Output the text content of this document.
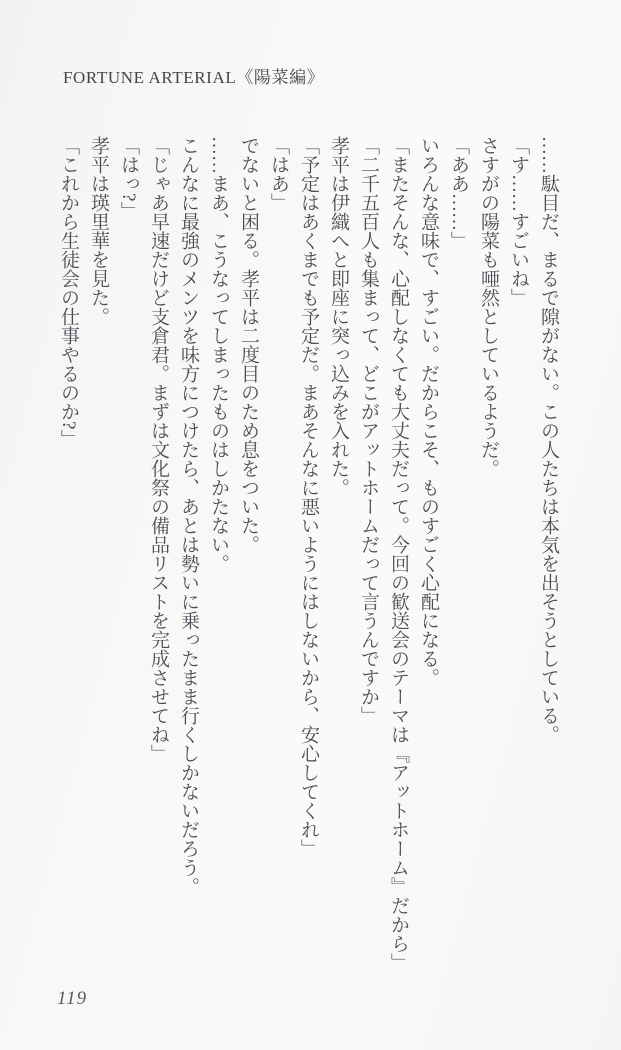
FORTUNE ARTERIAL《陽菜編》

……駄目だ、まるで隙がない。この人たちは本気を出そうとしている。

「す……すごいね」

さすがの陽菜も唖然としているようだ。

「ああ……」

いろんな意味で、すごい。だからこそ、ものすごく心配になる。

「またそんな、心配しなくても大丈夫だって。今回の歓送会のテーマは『アットホーム』だから」

「二千五百人も集まって、どこがアットホームだって言うんですか」

孝平は伊織へと即座に突っ込みを入れた。

「予定はあくまでも予定だ。まあそんなに悪いようにはしないから、安心してくれ」

「はあ」

でないと困る。孝平は二度目のため息をついた。

……まあ、こうなってしまったものはしかたない。

こんなに最強のメンツを味方につけたら、あとは勢いに乗ったまま行くしかないだろう。

「じゃあ早速だけど支倉君。まずは文化祭の備品リストを完成させてね」

「はっ?」

孝平は瑛里華を見た。

「これから生徒会の仕事やるのか?」

119
